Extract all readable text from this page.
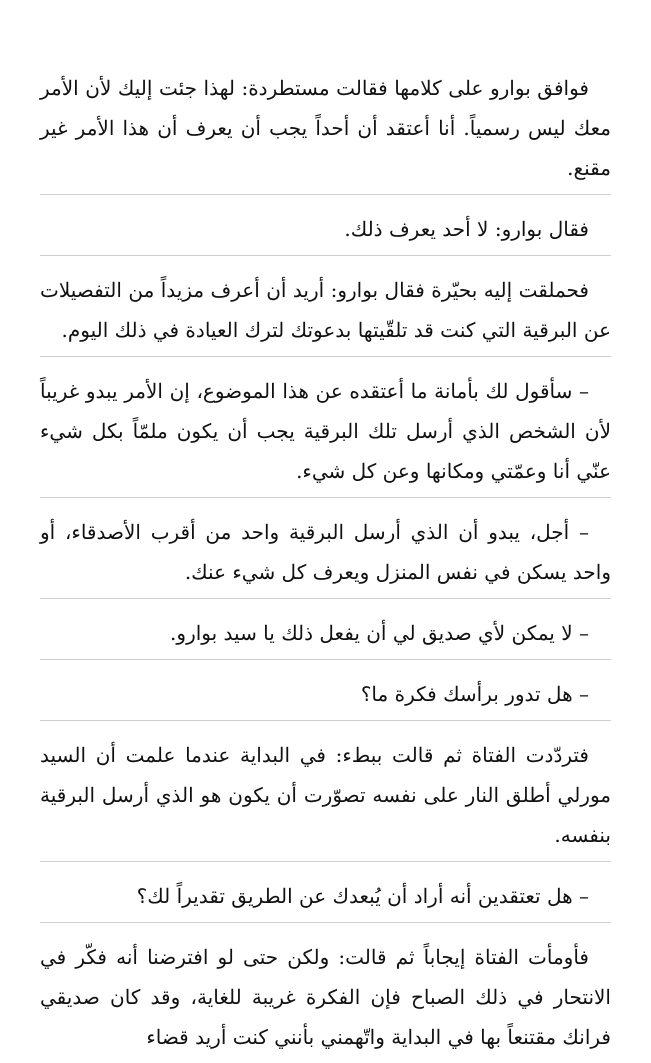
فوافق بوارو على كلامها فقالت مستطردة: لهذا جئت إليك لأن الأمر معك ليس رسمياً. أنا أعتقد أن أحداً يجب أن يعرف أن هذا الأمر غير مقنع.

فقال بوارو: لا أحد يعرف ذلك.

فحملقت إليه بحيّرة فقال بوارو: أريد أن أعرف مزيداً من التفصيلات عن البرقية التي كنت قد تلقّيتها بدعوتك لترك العيادة في ذلك اليوم.

– سأقول لك بأمانة ما أعتقده عن هذا الموضوع، إن الأمر يبدو غريباً لأن الشخص الذي أرسل تلك البرقية يجب أن يكون ملمّاً بكل شيء عنّي أنا وعمّتي ومكانها وعن كل شيء.

– أجل، يبدو أن الذي أرسل البرقية واحد من أقرب الأصدقاء، أو واحد يسكن في نفس المنزل ويعرف كل شيء عنك.

– لا يمكن لأي صديق لي أن يفعل ذلك يا سيد بوارو.

– هل تدور برأسك فكرة ما؟

فتردّدت الفتاة ثم قالت ببطء: في البداية عندما علمت أن السيد مورلي أطلق النار على نفسه تصوّرت أن يكون هو الذي أرسل البرقية بنفسه.

– هل تعتقدين أنه أراد أن يُبعدك عن الطريق تقديراً لك؟

فأومأت الفتاة إيجاباً ثم قالت: ولكن حتى لو افترضنا أنه فكّر في الانتحار في ذلك الصباح فإن الفكرة غريبة للغاية، وقد كان صديقي فرانك مقتنعاً بها في البداية واتّهمني بأنني كنت أريد قضاء
